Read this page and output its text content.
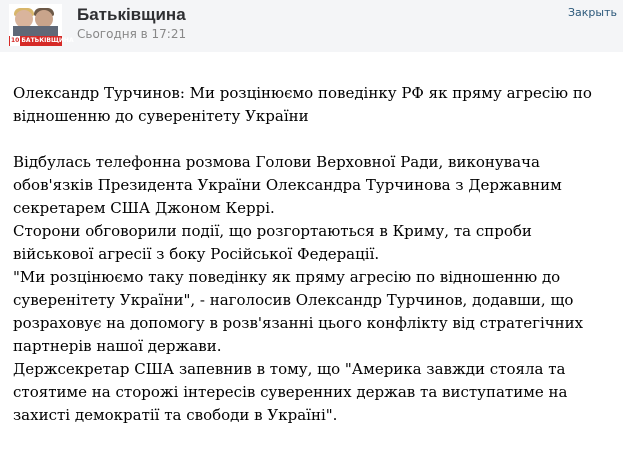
10 БАТЬКІВЩИНА
Батьківщина
Сьогодня в 17:21
Закрыть

Олександр Турчинов: Ми розцінюємо поведінку РФ як пряму агресію по відношенню до суверенітету України

Відбулась телефонна розмова Голови Верховної Ради, виконувача обов'язків Президента України Олександра Турчинова з Державним секретарем США Джоном Керрі.

Сторони обговорили події, що розгортаються в Криму, та спроби військової агресії з боку Російської Федерації.

"Ми розцінюємо таку поведінку як пряму агресію по відношенню до суверенітету України", - наголосив Олександр Турчинов, додавши, що розраховує на допомогу в розв'язанні цього конфлікту від стратегічних партнерів нашої держави.

Держсекретар США запевнив в тому, що "Америка завжди стояла та стоятиме на сторожі інтересів суверенних держав та виступатиме на захисті демократії та свободи в Україні".
